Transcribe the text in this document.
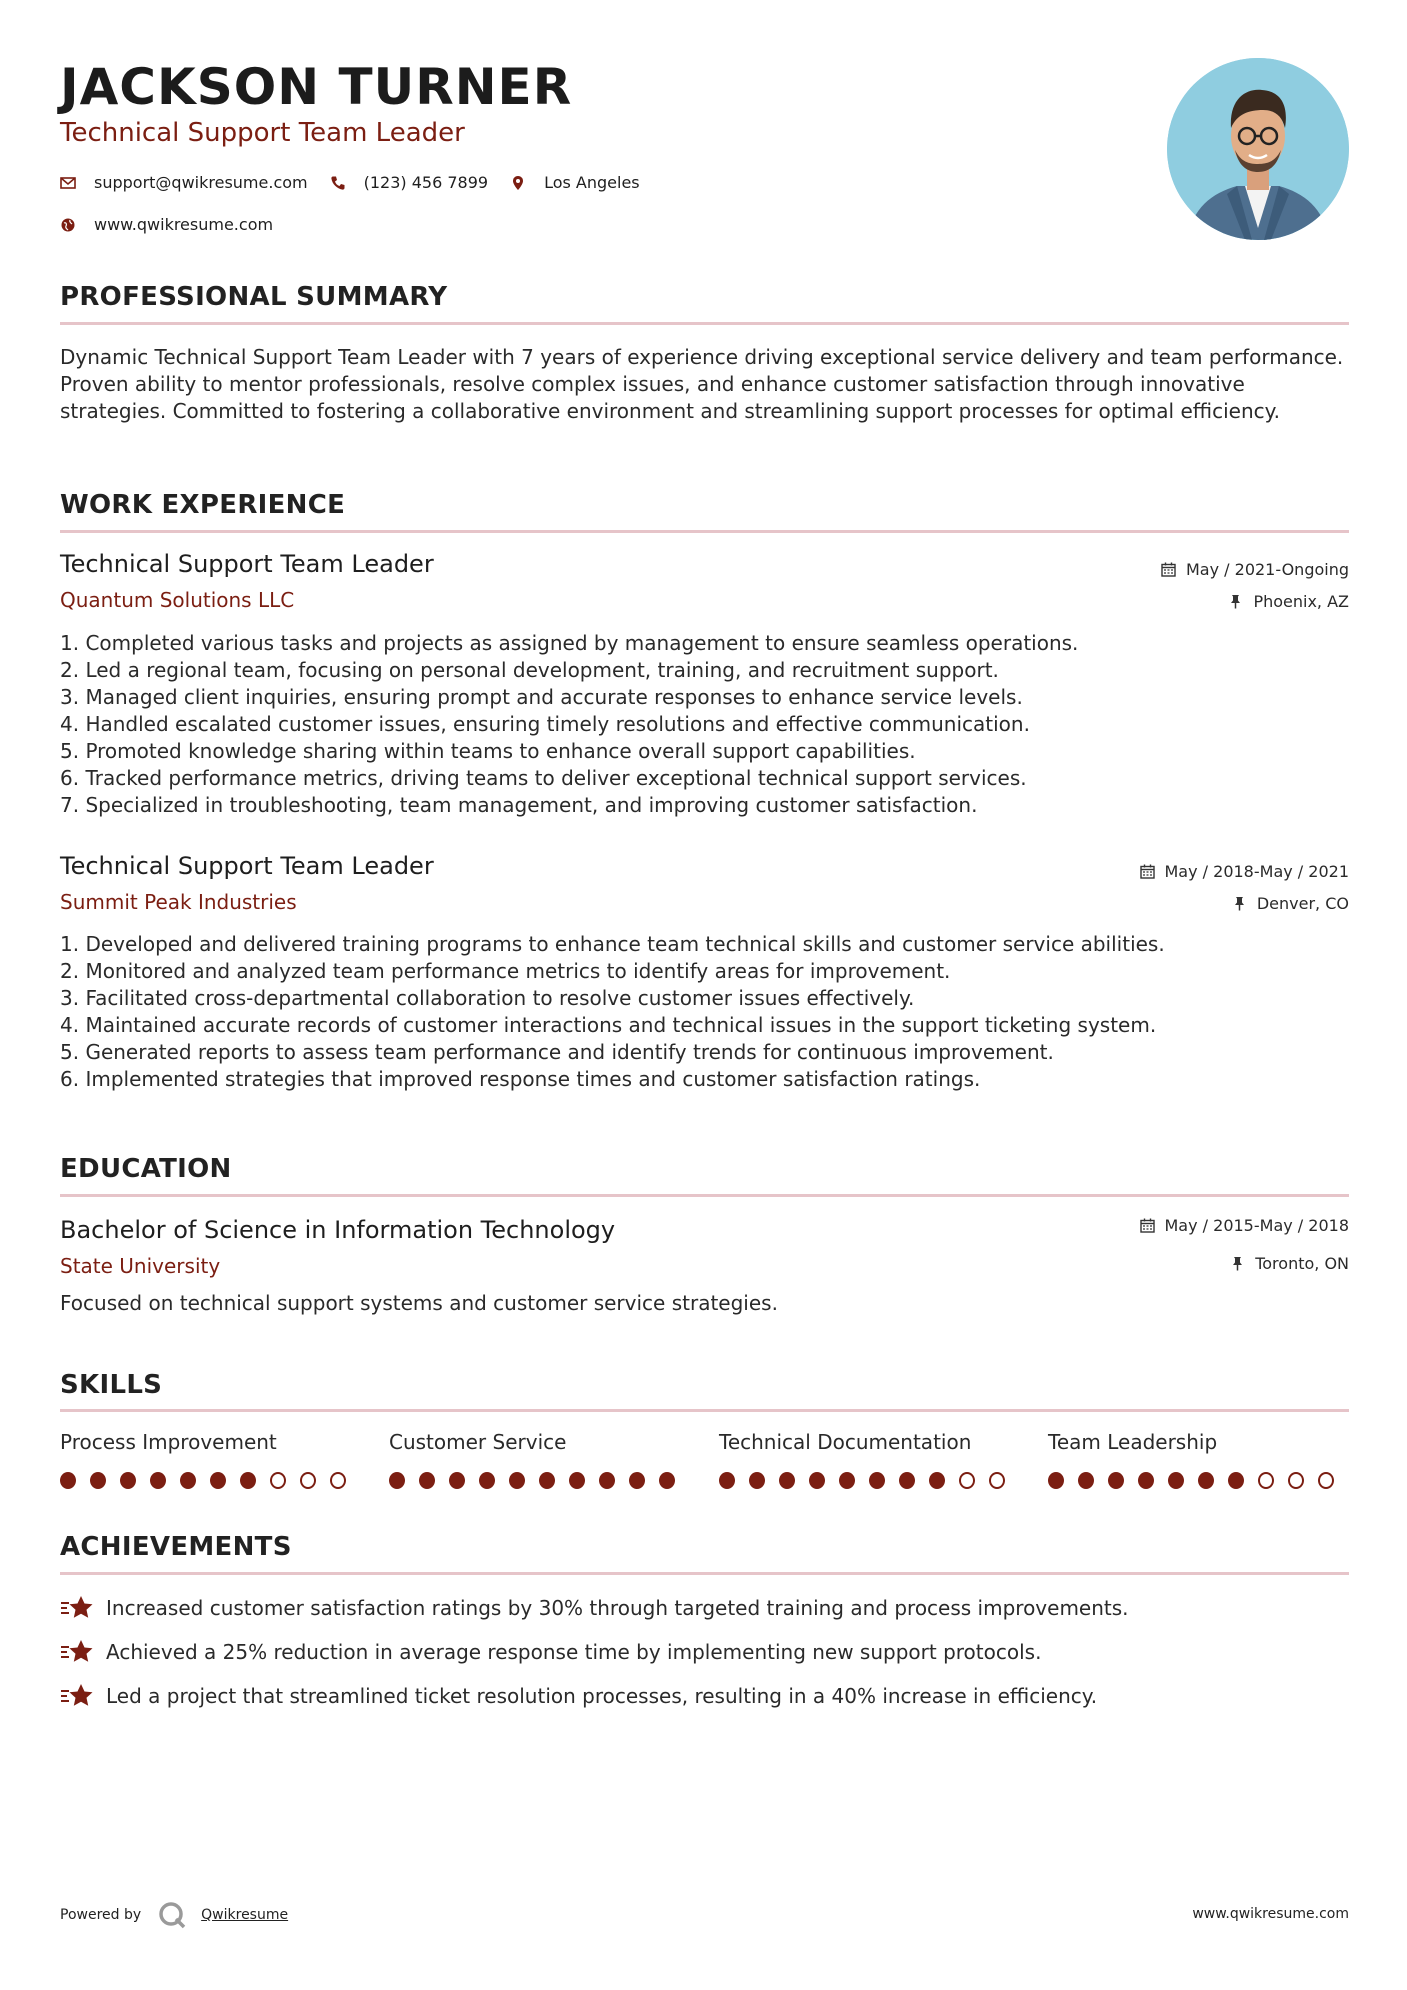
JACKSON TURNER
Technical Support Team Leader
support@qwikresume.com	(123) 456 7899	Los Angeles
www.qwikresume.com
PROFESSIONAL SUMMARY
Dynamic Technical Support Team Leader with 7 years of experience driving exceptional service delivery and team performance. Proven ability to mentor professionals, resolve complex issues, and enhance customer satisfaction through innovative strategies. Committed to fostering a collaborative environment and streamlining support processes for optimal efficiency.
WORK EXPERIENCE
Technical Support Team Leader
Quantum Solutions LLC
May / 2021-Ongoing
Phoenix, AZ
1. Completed various tasks and projects as assigned by management to ensure seamless operations.
2. Led a regional team, focusing on personal development, training, and recruitment support.
3. Managed client inquiries, ensuring prompt and accurate responses to enhance service levels.
4. Handled escalated customer issues, ensuring timely resolutions and effective communication.
5. Promoted knowledge sharing within teams to enhance overall support capabilities.
6. Tracked performance metrics, driving teams to deliver exceptional technical support services.
7. Specialized in troubleshooting, team management, and improving customer satisfaction.
Technical Support Team Leader
Summit Peak Industries
May / 2018-May / 2021
Denver, CO
1. Developed and delivered training programs to enhance team technical skills and customer service abilities.
2. Monitored and analyzed team performance metrics to identify areas for improvement.
3. Facilitated cross-departmental collaboration to resolve customer issues effectively.
4. Maintained accurate records of customer interactions and technical issues in the support ticketing system.
5. Generated reports to assess team performance and identify trends for continuous improvement.
6. Implemented strategies that improved response times and customer satisfaction ratings.
EDUCATION
Bachelor of Science in Information Technology
State University
May / 2015-May / 2018
Toronto, ON
Focused on technical support systems and customer service strategies.
SKILLS
Process Improvement	Customer Service	Technical Documentation	Team Leadership
ACHIEVEMENTS
Increased customer satisfaction ratings by 30% through targeted training and process improvements.
Achieved a 25% reduction in average response time by implementing new support protocols.
Led a project that streamlined ticket resolution processes, resulting in a 40% increase in efficiency.
Powered by	Qwikresume	www.qwikresume.com
